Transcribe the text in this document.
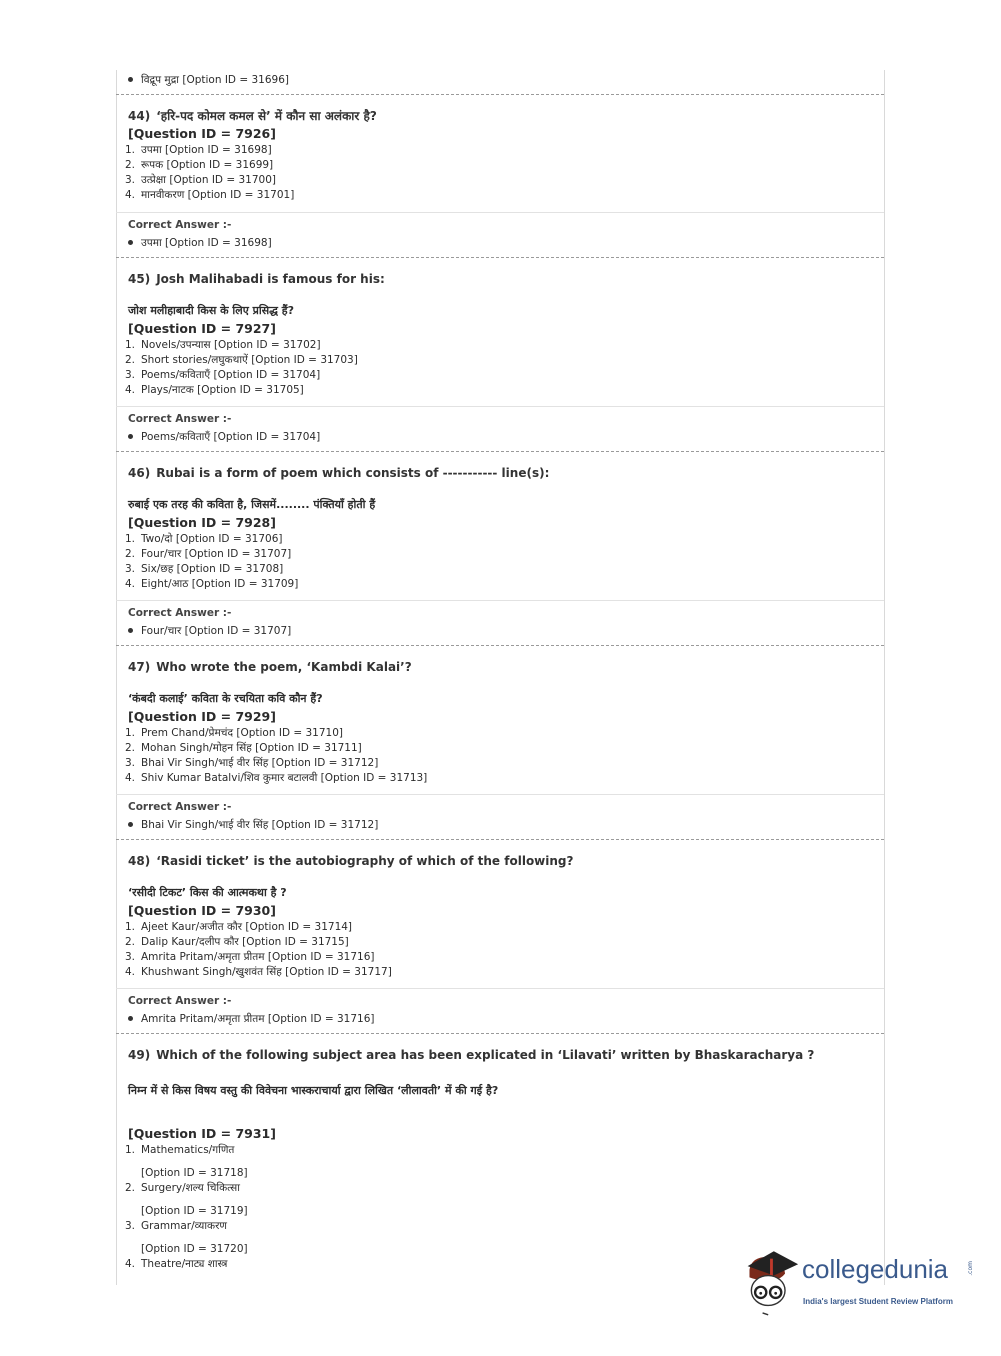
विद्रूप मुद्रा [Option ID = 31696]
44) ‘हरि-पद कोमल कमल से’ में कौन सा अलंकार है?
[Question ID = 7926]
1. उपमा [Option ID = 31698]
2. रूपक [Option ID = 31699]
3. उत्प्रेक्षा [Option ID = 31700]
4. मानवीकरण [Option ID = 31701]
Correct Answer :-
उपमा [Option ID = 31698]
45) Josh Malihabadi is famous for his:
जोश मलीहाबादी किस के लिए प्रसिद्ध हैं?
[Question ID = 7927]
1. Novels/उपन्यास [Option ID = 31702]
2. Short stories/लघुकथाऐं [Option ID = 31703]
3. Poems/कविताएँ [Option ID = 31704]
4. Plays/नाटक [Option ID = 31705]
Correct Answer :-
Poems/कविताएँ [Option ID = 31704]
46) Rubai is a form of poem which consists of ----------- line(s):
रुबाई एक तरह की कविता है, जिसमें........ पंक्तियाँ होती हैं
[Question ID = 7928]
1. Two/दो [Option ID = 31706]
2. Four/चार [Option ID = 31707]
3. Six/छह [Option ID = 31708]
4. Eight/आठ [Option ID = 31709]
Correct Answer :-
Four/चार [Option ID = 31707]
47) Who wrote the poem, ‘Kambdi Kalai’?
‘कंबदी कलाई’ कविता के रचयिता कवि कौन हैं?
[Question ID = 7929]
1. Prem Chand/प्रेमचंद [Option ID = 31710]
2. Mohan Singh/मोहन सिंह [Option ID = 31711]
3. Bhai Vir Singh/भाई वीर सिंह [Option ID = 31712]
4. Shiv Kumar Batalvi/शिव कुमार बटालवी [Option ID = 31713]
Correct Answer :-
Bhai Vir Singh/भाई वीर सिंह [Option ID = 31712]
48) ‘Rasidi ticket’ is the autobiography of which of the following?
‘रसीदी टिकट’ किस की आत्मकथा है ?
[Question ID = 7930]
1. Ajeet Kaur/अजीत कौर [Option ID = 31714]
2. Dalip Kaur/दलीप कौर [Option ID = 31715]
3. Amrita Pritam/अमृता प्रीतम [Option ID = 31716]
4. Khushwant Singh/खुशवंत सिंह [Option ID = 31717]
Correct Answer :-
Amrita Pritam/अमृता प्रीतम [Option ID = 31716]
49) Which of the following subject area has been explicated in ‘Lilavati’ written by Bhaskaracharya ?
निम्न में से किस विषय वस्तु की विवेचना भास्कराचार्या द्वारा लिखित ‘लीलावती’ में की गई है?
[Question ID = 7931]
1. Mathematics/गणित
[Option ID = 31718]
2. Surgery/शल्य चिकित्सा
[Option ID = 31719]
3. Grammar/व्याकरण
[Option ID = 31720]
4. Theatre/नाट्य शास्त्र	collegedunia	.com
India's largest Student Review Platform
